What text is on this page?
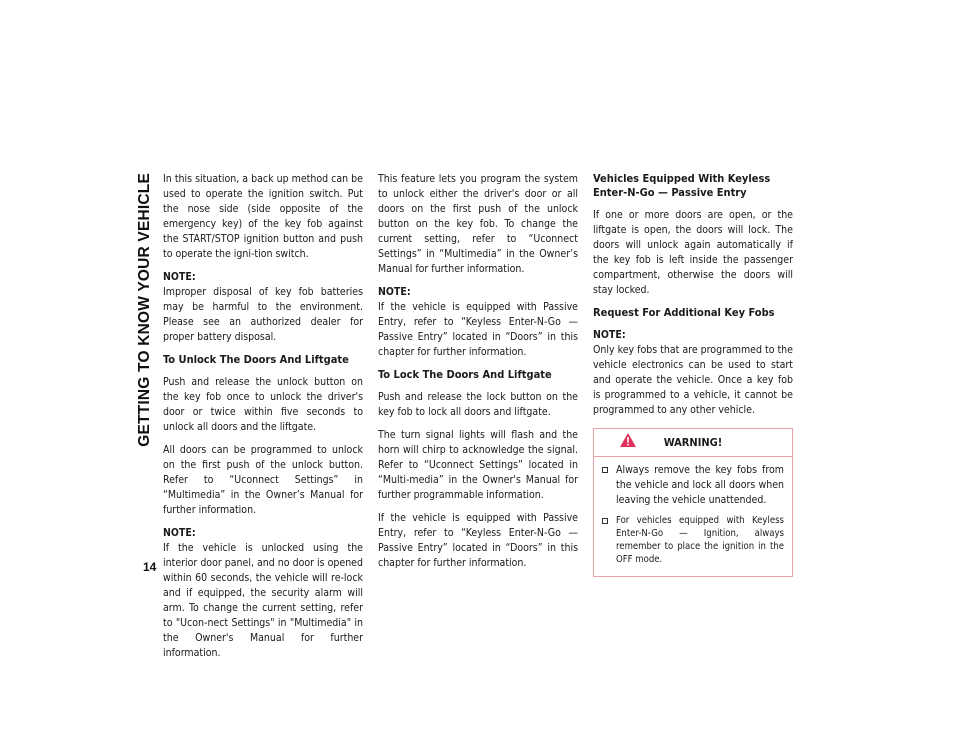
GETTING TO KNOW YOUR VEHICLE
14

In this situation, a back up method can be used to operate the ignition switch. Put the nose side (side opposite of the emergency key) of the key fob against the START/STOP ignition button and push to operate the igni-tion switch.

NOTE:
Improper disposal of key fob batteries may be harmful to the environment. Please see an authorized dealer for proper battery disposal.

To Unlock The Doors And Liftgate

Push and release the unlock button on the key fob once to unlock the driver's door or twice within five seconds to unlock all doors and the liftgate.

All doors can be programmed to unlock on the first push of the unlock button. Refer to “Uconnect Settings” in “Multimedia” in the Owner’s Manual for further information.

NOTE:
If the vehicle is unlocked using the interior door panel, and no door is opened within 60 seconds, the vehicle will re-lock and if equipped, the security alarm will arm. To change the current setting, refer to "Ucon-nect Settings" in "Multimedia" in the Owner's Manual for further information.

This feature lets you program the system to unlock either the driver's door or all doors on the first push of the unlock button on the key fob. To change the current setting, refer to “Uconnect Settings” in “Multimedia” in the Owner’s Manual for further information.

NOTE:
If the vehicle is equipped with Passive Entry, refer to “Keyless Enter-N-Go — Passive Entry” located in “Doors” in this chapter for further information.

To Lock The Doors And Liftgate

Push and release the lock button on the key fob to lock all doors and liftgate.

The turn signal lights will flash and the horn will chirp to acknowledge the signal. Refer to “Uconnect Settings” located in “Multi-media” in the Owner's Manual for further programmable information.

If the vehicle is equipped with Passive Entry, refer to “Keyless Enter-N-Go — Passive Entry” located in “Doors” in this chapter for further information.

Vehicles Equipped With Keyless Enter-N-Go — Passive Entry

If one or more doors are open, or the liftgate is open, the doors will lock. The doors will unlock again automatically if the key fob is left inside the passenger compartment, otherwise the doors will stay locked.

Request For Additional Key Fobs

NOTE:
Only key fobs that are programmed to the vehicle electronics can be used to start and operate the vehicle. Once a key fob is programmed to a vehicle, it cannot be programmed to any other vehicle.

WARNING!
Always remove the key fobs from the vehicle and lock all doors when leaving the vehicle unattended.
For vehicles equipped with Keyless Enter-N-Go — Ignition, always remember to place the ignition in the OFF mode.
